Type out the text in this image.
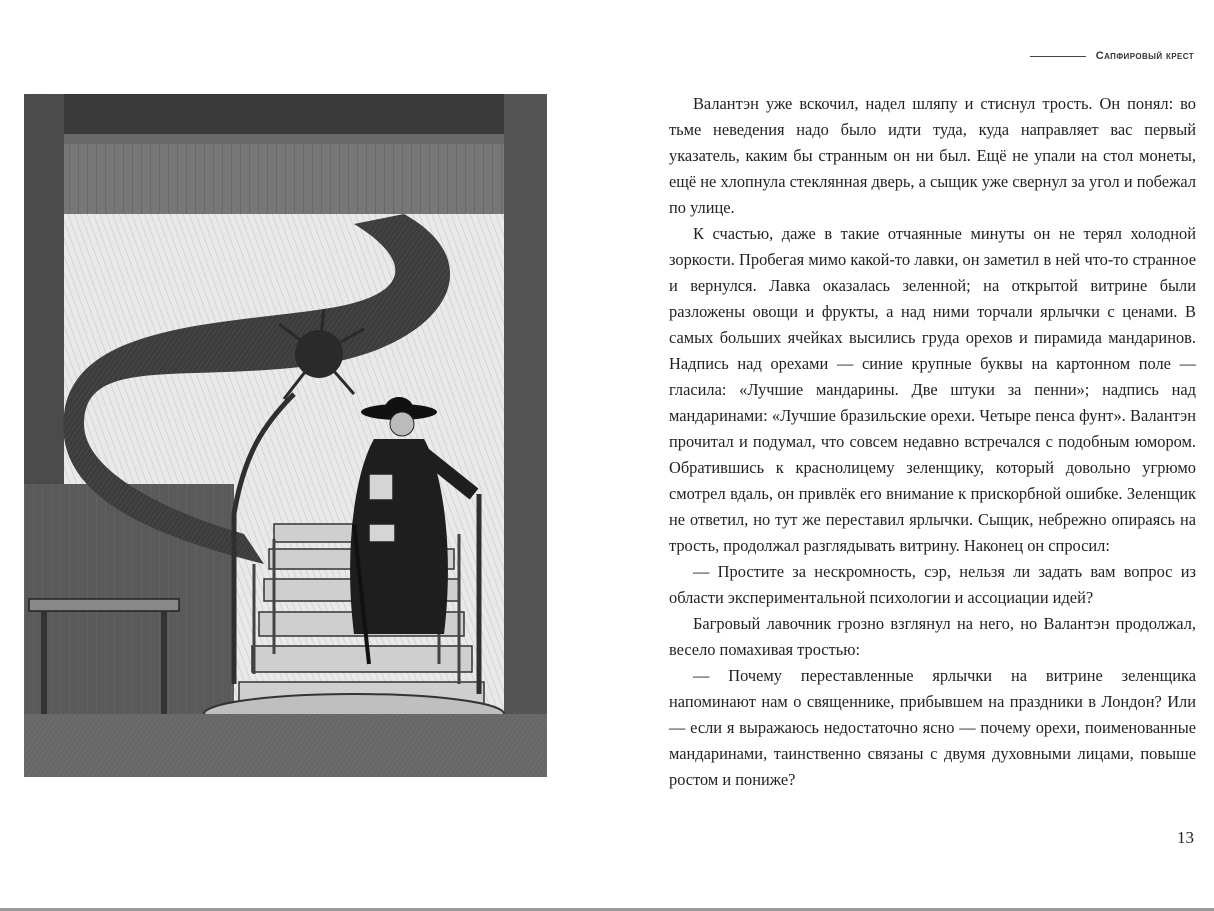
Сапфировый крест

Валантэн уже вскочил, надел шляпу и стиснул трость. Он понял: во тьме неведения надо было идти туда, куда направляет вас первый указатель, каким бы странным он ни был. Ещё не упали на стол монеты, ещё не хлопнула стеклянная дверь, а сыщик уже свернул за угол и побежал по улице.

К счастью, даже в такие отчаянные минуты он не терял холодной зоркости. Пробегая мимо какой-то лавки, он заметил в ней что-то странное и вернулся. Лавка оказалась зеленной; на открытой витрине были разложены овощи и фрукты, а над ними торчали ярлычки с ценами. В самых больших ячейках высились груда орехов и пирамида мандаринов. Надпись над орехами — синие крупные буквы на картонном поле — гласила: «Лучшие мандарины. Две штуки за пенни»; надпись над мандаринами: «Лучшие бразильские орехи. Четыре пенса фунт». Валантэн прочитал и подумал, что совсем недавно встречался с подобным юмором. Обратившись к краснолицему зеленщику, который довольно угрюмо смотрел вдаль, он привлёк его внимание к прискорбной ошибке. Зеленщик не ответил, но тут же переставил ярлычки. Сыщик, небрежно опираясь на трость, продолжал разглядывать витрину. Наконец он спросил:

— Простите за нескромность, сэр, нельзя ли задать вам вопрос из области экспериментальной психологии и ассоциации идей?

Багровый лавочник грозно взглянул на него, но Валантэн продолжал, весело помахивая тростью:

— Почему переставленные ярлычки на витрине зеленщика напоминают нам о священнике, прибывшем на праздники в Лондон? Или — если я выражаюсь недостаточно ясно — почему орехи, поименованные мандаринами, таинственно связаны с двумя духовными лицами, повыше ростом и пониже?

13
